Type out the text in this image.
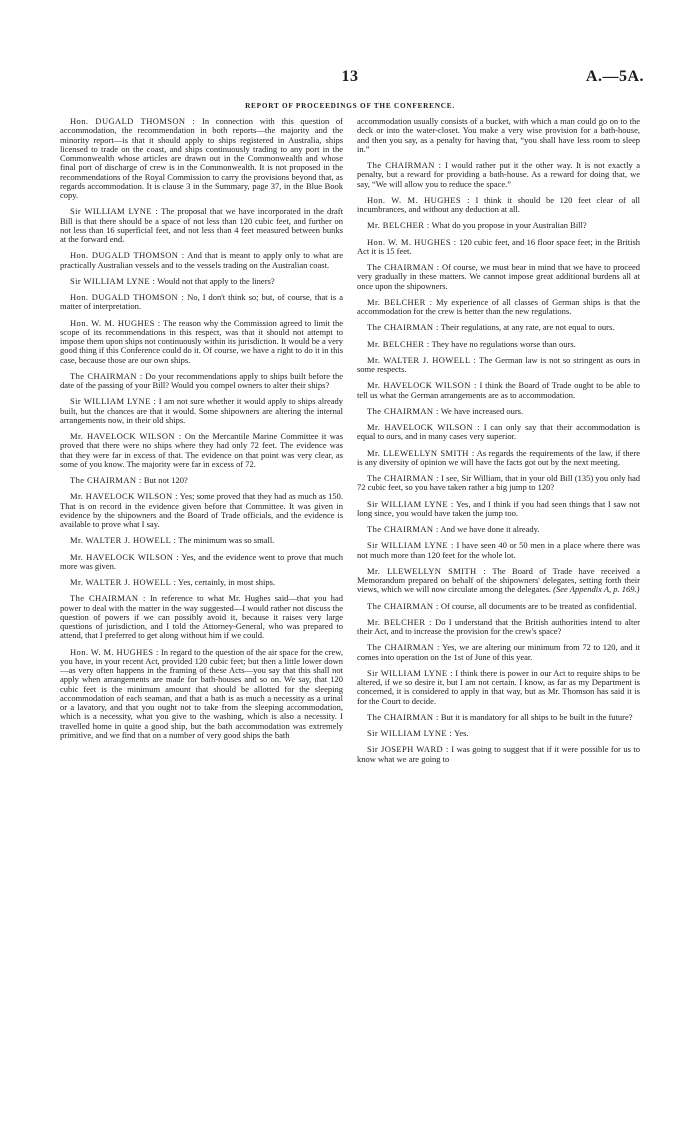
13	A.—5A.
REPORT OF PROCEEDINGS OF THE CONFERENCE.

Hon. DUGALD THOMSON : In connection with this question of accommodation, the recommendation in both reports—the majority and the minority report—is that it should apply to ships registered in Australia, ships licensed to trade on the coast, and ships continuously trading to any port in the Commonwealth whose articles are drawn out in the Commonwealth and whose final port of discharge of crew is in the Commonwealth. It is not proposed in the recommendations of the Royal Commission to carry the provisions beyond that, as regards accommodation. It is clause 3 in the Summary, page 37, in the Blue Book copy.

Sir WILLIAM LYNE : The proposal that we have incorporated in the draft Bill is that there should be a space of not less than 120 cubic feet, and further on not less than 16 superficial feet, and not less than 4 feet measured between bunks at the forward end.

Hon. DUGALD THOMSON : And that is meant to apply only to what are practically Australian vessels and to the vessels trading on the Australian coast.

Sir WILLIAM LYNE : Would not that apply to the liners?

Hon. DUGALD THOMSON : No, I don't think so; but, of course, that is a matter of interpretation.

Hon. W. M. HUGHES : The reason why the Commission agreed to limit the scope of its recommendations in this respect, was that it should not attempt to impose them upon ships not continuously within its jurisdiction. It would be a very good thing if this Conference could do it. Of course, we have a right to do it in this case, because those are our own ships.

The CHAIRMAN : Do your recommendations apply to ships built before the date of the passing of your Bill? Would you compel owners to alter their ships?

Sir WILLIAM LYNE : I am not sure whether it would apply to ships already built, but the chances are that it would. Some shipowners are altering the internal arrangements now, in their old ships.

Mr. HAVELOCK WILSON : On the Mercantile Marine Committee it was proved that there were no ships where they had only 72 feet. The evidence was that they were far in excess of that. The evidence on that point was very clear, as some of you know. The majority were far in excess of 72.

The CHAIRMAN : But not 120?

Mr. HAVELOCK WILSON : Yes; some proved that they had as much as 150. That is on record in the evidence given before that Committee. It was given in evidence by the shipowners and the Board of Trade officials, and the evidence is available to prove what I say.

Mr. WALTER J. HOWELL : The minimum was so small.

Mr. HAVELOCK WILSON : Yes, and the evidence went to prove that much more was given.

Mr. WALTER J. HOWELL : Yes, certainly, in most ships.

The CHAIRMAN : In reference to what Mr. Hughes said—that you had power to deal with the matter in the way suggested—I would rather not discuss the question of powers if we can possibly avoid it, because it raises very large questions of jurisdiction, and I told the Attorney-General, who was prepared to attend, that I preferred to get along without him if we could.

Hon. W. M. HUGHES : In regard to the question of the air space for the crew, you have, in your recent Act, provided 120 cubic feet; but then a little lower down—as very often happens in the framing of these Acts—you say that this shall not apply when arrangements are made for bath-houses and so on. We say, that 120 cubic feet is the minimum amount that should be allotted for the sleeping accommodation of each seaman, and that a bath is as much a necessity as a urinal or a lavatory, and that you ought not to take from the sleeping accommodation, which is a necessity, what you give to the washing, which is also a necessity. I travelled home in quite a good ship, but the bath accommodation was extremely primitive, and we find that on a number of very good ships the bath

accommodation usually consists of a bucket, with which a man could go on to the deck or into the water-closet. You make a very wise provision for a bath-house, and then you say, as a penalty for having that, “you shall have less room to sleep in.”

The CHAIRMAN : I would rather put it the other way. It is not exactly a penalty, but a reward for providing a bath-house. As a reward for doing that, we say, “We will allow you to reduce the space.”

Hon. W. M. HUGHES : I think it should be 120 feet clear of all incumbrances, and without any deduction at all.

Mr. BELCHER : What do you propose in your Australian Bill?

Hon. W. M. HUGHES : 120 cubic feet, and 16 floor space feet; in the British Act it is 15 feet.

The CHAIRMAN : Of course, we must bear in mind that we have to proceed very gradually in these matters. We cannot impose great additional burdens all at once upon the shipowners.

Mr. BELCHER : My experience of all classes of German ships is that the accommodation for the crew is better than the new regulations.

The CHAIRMAN : Their regulations, at any rate, are not equal to ours.

Mr. BELCHER : They have no regulations worse than ours.

Mr. WALTER J. HOWELL : The German law is not so stringent as ours in some respects.

Mr. HAVELOCK WILSON : I think the Board of Trade ought to be able to tell us what the German arrangements are as to accommodation.

The CHAIRMAN : We have increased ours.

Mr. HAVELOCK WILSON : I can only say that their accommodation is equal to ours, and in many cases very superior.

Mr. LLEWELLYN SMITH : As regards the requirements of the law, if there is any diversity of opinion we will have the facts got out by the next meeting.

The CHAIRMAN : I see, Sir William, that in your old Bill (135) you only had 72 cubic feet, so you have taken rather a big jump to 120?

Sir WILLIAM LYNE : Yes, and I think if you had seen things that I saw not long since, you would have taken the jump too.

The CHAIRMAN : And we have done it already.

Sir WILLIAM LYNE : I have seen 40 or 50 men in a place where there was not much more than 120 feet for the whole lot.

Mr. LLEWELLYN SMITH : The Board of Trade have received a Memorandum prepared on behalf of the shipowners' delegates, setting forth their views, which we will now circulate among the delegates. (See Appendix A, p. 169.)

The CHAIRMAN : Of course, all documents are to be treated as confidential.

Mr. BELCHER : Do I understand that the British authorities intend to alter their Act, and to increase the provision for the crew's space?

The CHAIRMAN : Yes, we are altering our minimum from 72 to 120, and it comes into operation on the 1st of June of this year.

Sir WILLIAM LYNE : I think there is power in our Act to require ships to be altered, if we so desire it, but I am not certain. I know, as far as my Department is concerned, it is considered to apply in that way, but as Mr. Thomson has said it is for the Court to decide.

The CHAIRMAN : But it is mandatory for all ships to be built in the future?

Sir WILLIAM LYNE : Yes.

Sir JOSEPH WARD : I was going to suggest that if it were possible for us to know what we are going to
